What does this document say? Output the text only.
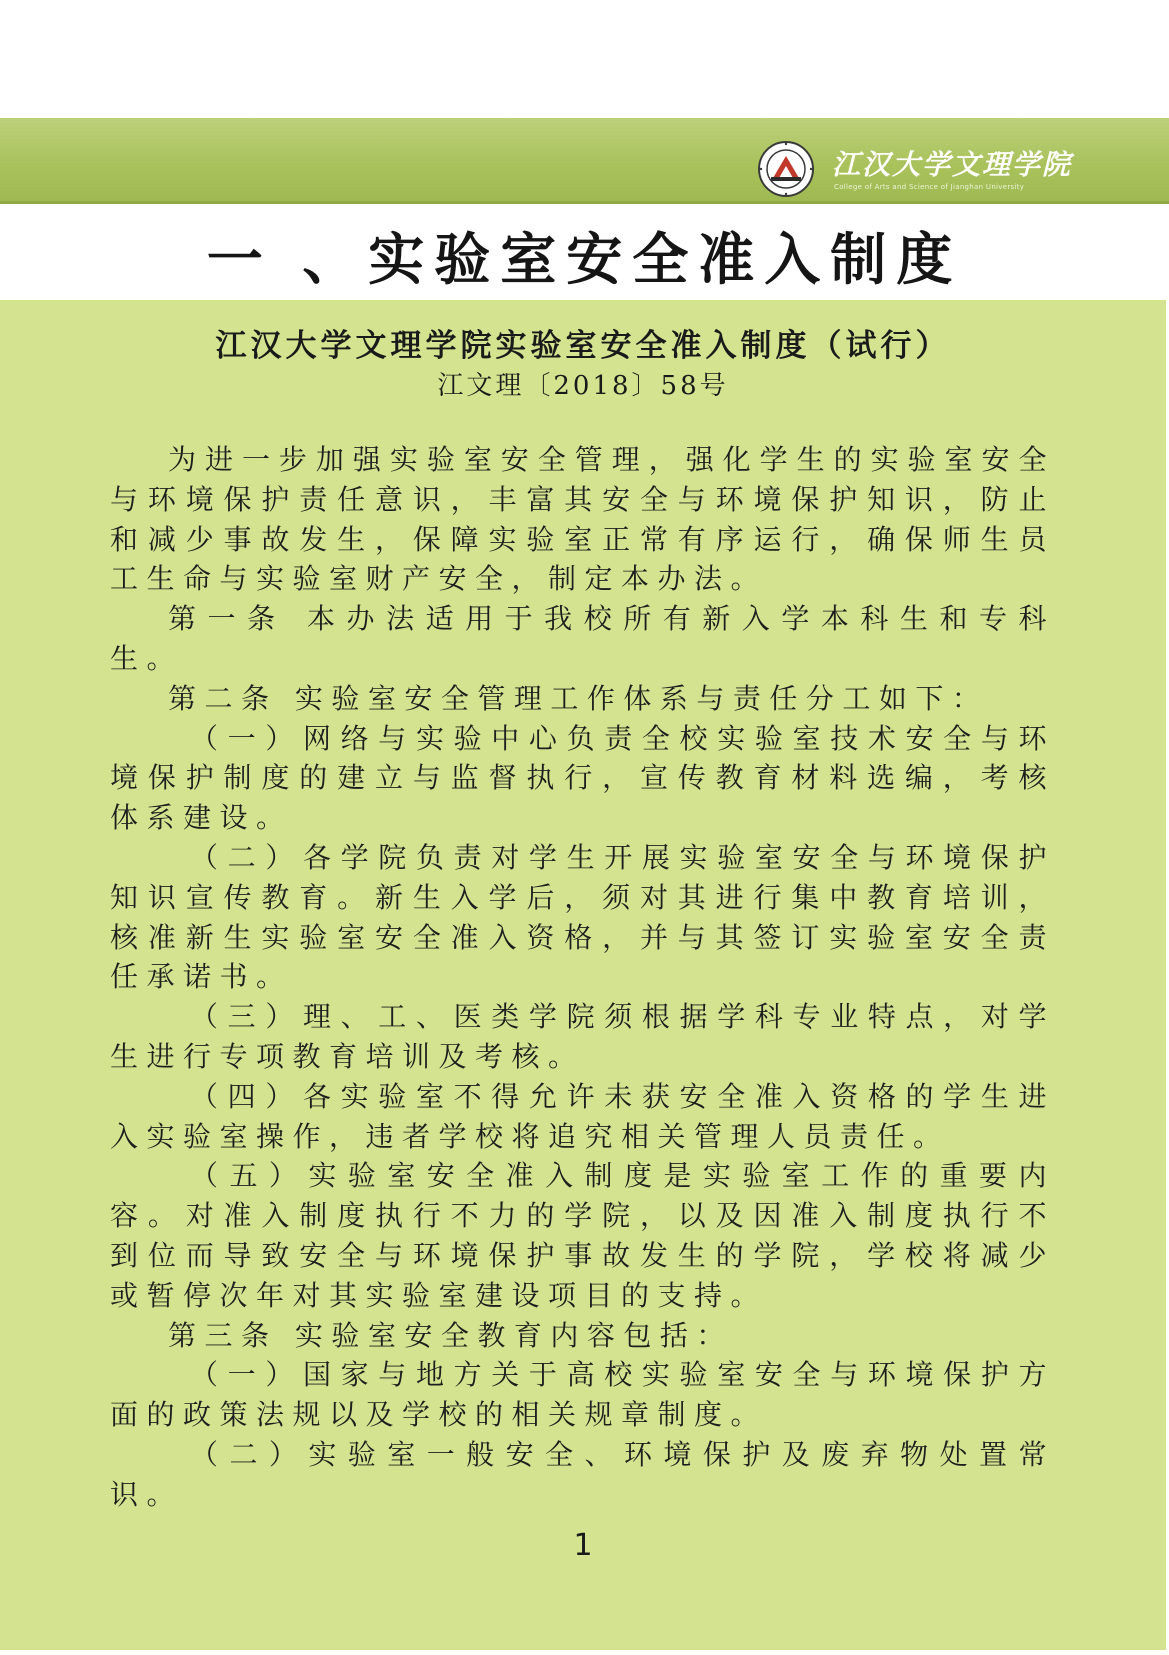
江汉大学文理学院
College of Arts and Science of Jianghan University
一 、实验室安全准入制度
江汉大学文理学院实验室安全准入制度（试行）
江文理〔2018〕58号

为进一步加强实验室安全管理，强化学生的实验室安全与环境保护责任意识，丰富其安全与环境保护知识，防止和减少事故发生，保障实验室正常有序运行，确保师生员工生命与实验室财产安全，制定本办法。

第一条 本办法适用于我校所有新入学本科生和专科生。

第二条 实验室安全管理工作体系与责任分工如下：

（一）网络与实验中心负责全校实验室技术安全与环境保护制度的建立与监督执行，宣传教育材料选编，考核体系建设。

（二）各学院负责对学生开展实验室安全与环境保护知识宣传教育。新生入学后，须对其进行集中教育培训，核准新生实验室安全准入资格，并与其签订实验室安全责任承诺书。

（三）理、工、医类学院须根据学科专业特点，对学生进行专项教育培训及考核。

（四）各实验室不得允许未获安全准入资格的学生进入实验室操作，违者学校将追究相关管理人员责任。

（五）实验室安全准入制度是实验室工作的重要内容。对准入制度执行不力的学院，以及因准入制度执行不到位而导致安全与环境保护事故发生的学院，学校将减少或暂停次年对其实验室建设项目的支持。

第三条 实验室安全教育内容包括：

（一）国家与地方关于高校实验室安全与环境保护方面的政策法规以及学校的相关规章制度。

（二）实验室一般安全、环境保护及废弃物处置常识。

1
